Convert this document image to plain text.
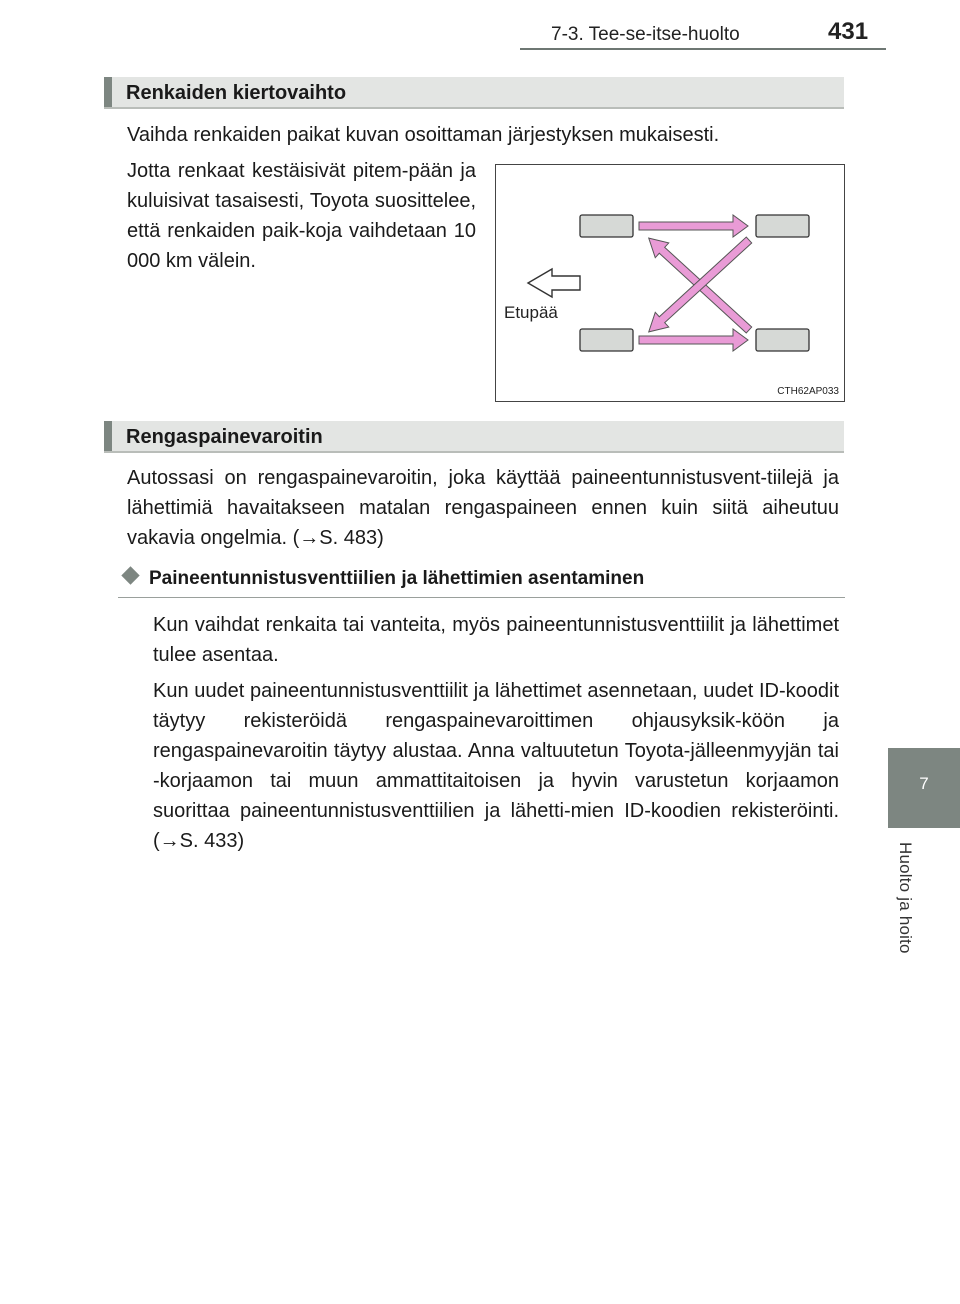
7-3. Tee-se-itse-huolto	431
7
Huolto ja hoito
Renkaiden kiertovaihto

Vaihda renkaiden paikat kuvan osoittaman järjestyksen mukaisesti.

Jotta renkaat kestäisivät pitem-pään ja kuluisivat tasaisesti, Toyota suosittelee, että renkaiden paik-koja vaihdetaan 10 000 km välein.

Etupää
CTH62AP033
Rengaspainevaroitin

Autossasi on rengaspainevaroitin, joka käyttää paineentunnistusvent-tiilejä ja lähettimiä havaitakseen matalan rengaspaineen ennen kuin siitä aiheutuu vakavia ongelmia. (→S. 483)

Paineentunnistusventtiilien ja lähettimien asentaminen

Kun vaihdat renkaita tai vanteita, myös paineentunnistusventtiilit ja lähettimet tulee asentaa.

Kun uudet paineentunnistusventtiilit ja lähettimet asennetaan, uudet ID-koodit täytyy rekisteröidä rengaspainevaroittimen ohjausyksik-köön ja rengaspainevaroitin täytyy alustaa. Anna valtuutetun Toyota-jälleenmyyjän tai -korjaamon tai muun ammattitaitoisen ja hyvin varustetun korjaamon suorittaa paineentunnistusventtiilien ja lähetti-mien ID-koodien rekisteröinti. (→S. 433)
